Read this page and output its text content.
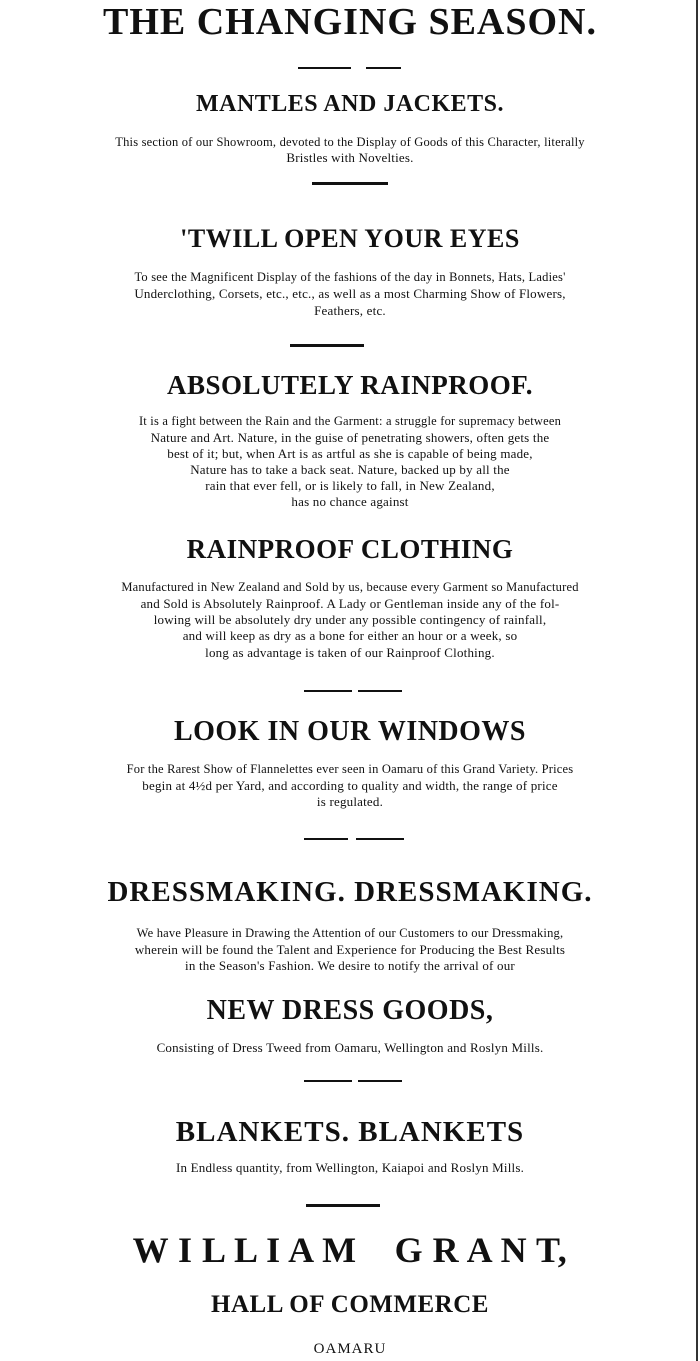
THE CHANGING SEASON.
MANTLES AND JACKETS.
This section of our Showroom, devoted to the Display of Goods of this Character, literally
Bristles with Novelties.
'TWILL OPEN YOUR EYES
To see the Magnificent Display of the fashions of the day in Bonnets, Hats, Ladies'
Underclothing, Corsets, etc., etc., as well as a most Charming Show of Flowers,
Feathers, etc.
ABSOLUTELY RAINPROOF.
It is a fight between the Rain and the Garment: a struggle for supremacy between
Nature and Art. Nature, in the guise of penetrating showers, often gets the
best of it; but, when Art is as artful as she is capable of being made,
Nature has to take a back seat. Nature, backed up by all the
rain that ever fell, or is likely to fall, in New Zealand,
has no chance against
RAINPROOF CLOTHING
Manufactured in New Zealand and Sold by us, because every Garment so Manufactured
and Sold is Absolutely Rainproof. A Lady or Gentleman inside any of the fol-
lowing will be absolutely dry under any possible contingency of rainfall,
and will keep as dry as a bone for either an hour or a week, so
long as advantage is taken of our Rainproof Clothing.
LOOK IN OUR WINDOWS
For the Rarest Show of Flannelettes ever seen in Oamaru of this Grand Variety. Prices
begin at 4½d per Yard, and according to quality and width, the range of price
is regulated.
DRESSMAKING. DRESSMAKING.
We have Pleasure in Drawing the Attention of our Customers to our Dressmaking,
wherein will be found the Talent and Experience for Producing the Best Results
in the Season's Fashion. We desire to notify the arrival of our
NEW DRESS GOODS,
Consisting of Dress Tweed from Oamaru, Wellington and Roslyn Mills.
BLANKETS. BLANKETS
In Endless quantity, from Wellington, Kaiapoi and Roslyn Mills.
W I L L I A M    G R A N T,
HALL OF COMMERCE
OAMARU
